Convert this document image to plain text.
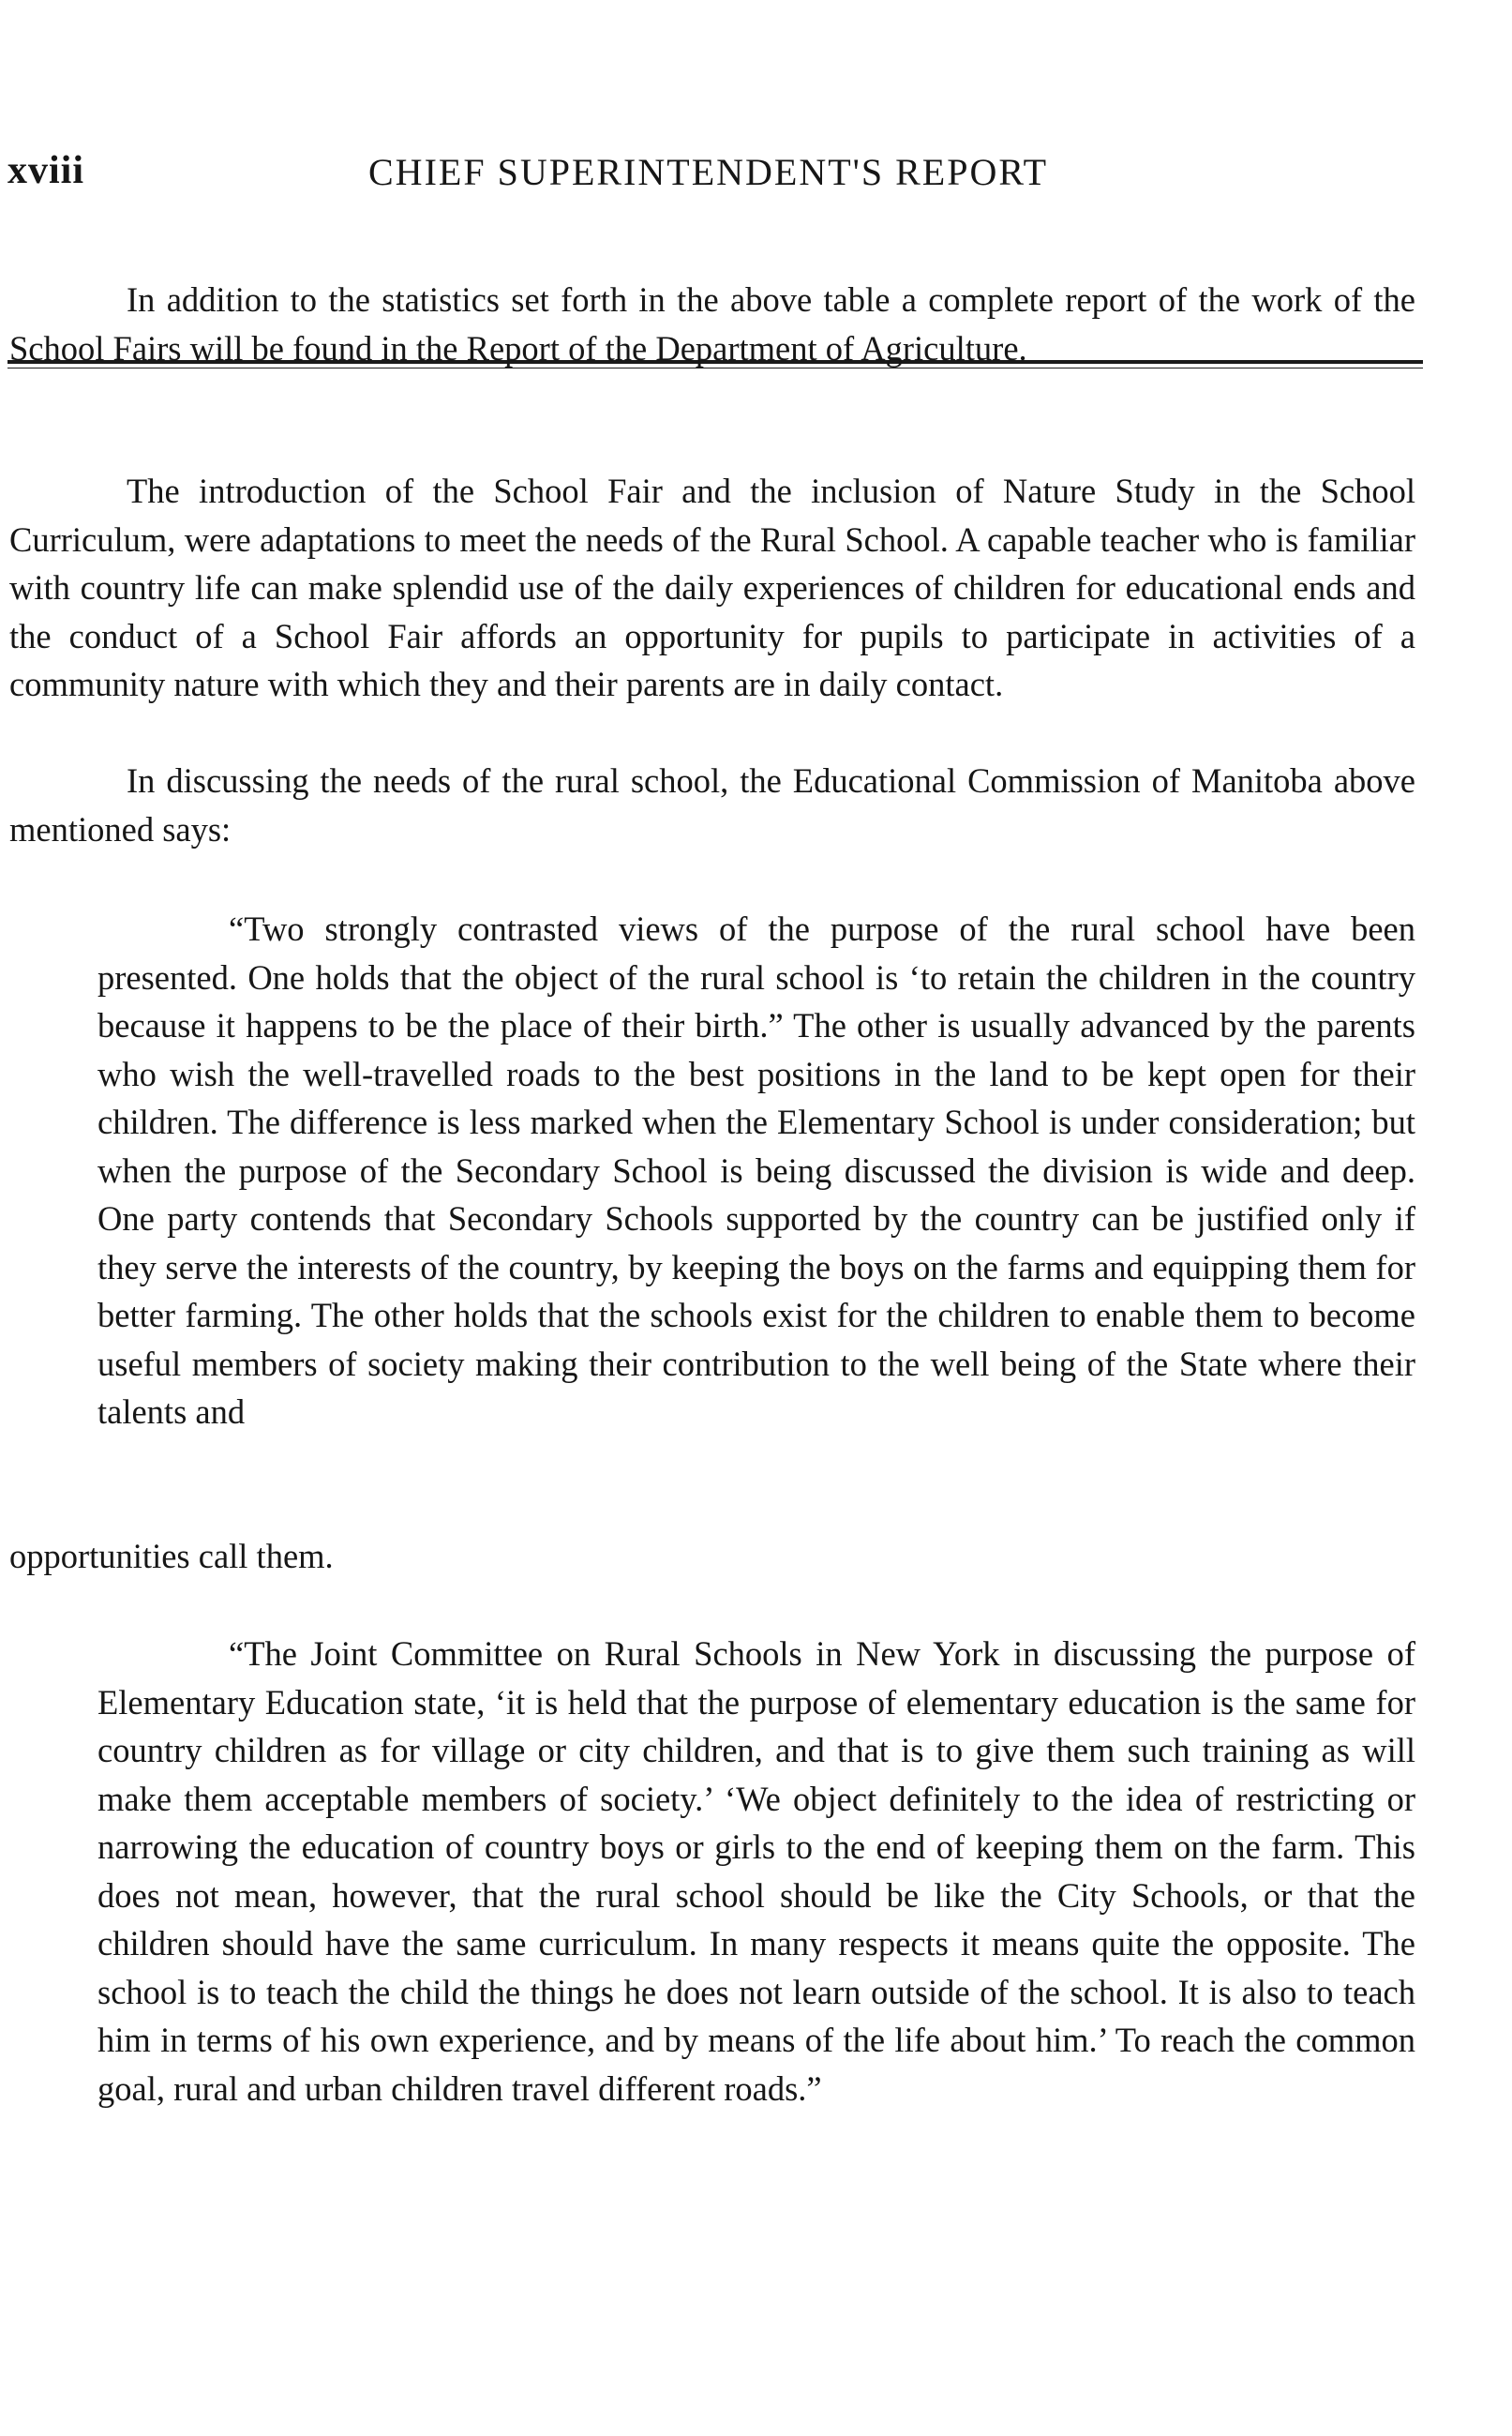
xviii	CHIEF SUPERINTENDENT'S REPORT

In addition to the statistics set forth in the above table a complete report of the work of the School Fairs will be found in the Report of the Department of Agriculture.

The introduction of the School Fair and the inclusion of Nature Study in the School Curriculum, were adaptations to meet the needs of the Rural School. A capable teacher who is familiar with country life can make splendid use of the daily experiences of children for educational ends and the conduct of a School Fair affords an opportunity for pupils to participate in activities of a community nature with which they and their parents are in daily contact.

In discussing the needs of the rural school, the Educational Commission of Manitoba above mentioned says:

“Two strongly contrasted views of the purpose of the rural school have been presented. One holds that the object of the rural school is ‘to retain the children in the country because it happens to be the place of their birth.” The other is usually advanced by the parents who wish the well-travelled roads to the best positions in the land to be kept open for their children. The difference is less marked when the Elementary School is under consideration; but when the purpose of the Secondary School is being discussed the division is wide and deep. One party contends that Secondary Schools supported by the country can be justified only if they serve the interests of the country, by keeping the boys on the farms and equipping them for better farming. The other holds that the schools exist for the children to enable them to become useful members of society making their contribution to the well being of the State where their talents and

opportunities call them.

“The Joint Committee on Rural Schools in New York in discussing the purpose of Elementary Education state, ‘it is held that the purpose of elementary education is the same for country children as for village or city children, and that is to give them such training as will make them acceptable members of society.’ ‘We object definitely to the idea of restricting or narrowing the education of country boys or girls to the end of keeping them on the farm. This does not mean, however, that the rural school should be like the City Schools, or that the children should have the same curriculum. In many respects it means quite the opposite. The school is to teach the child the things he does not learn outside of the school. It is also to teach him in terms of his own experience, and by means of the life about him.’ To reach the common goal, rural and urban children travel different roads.”
